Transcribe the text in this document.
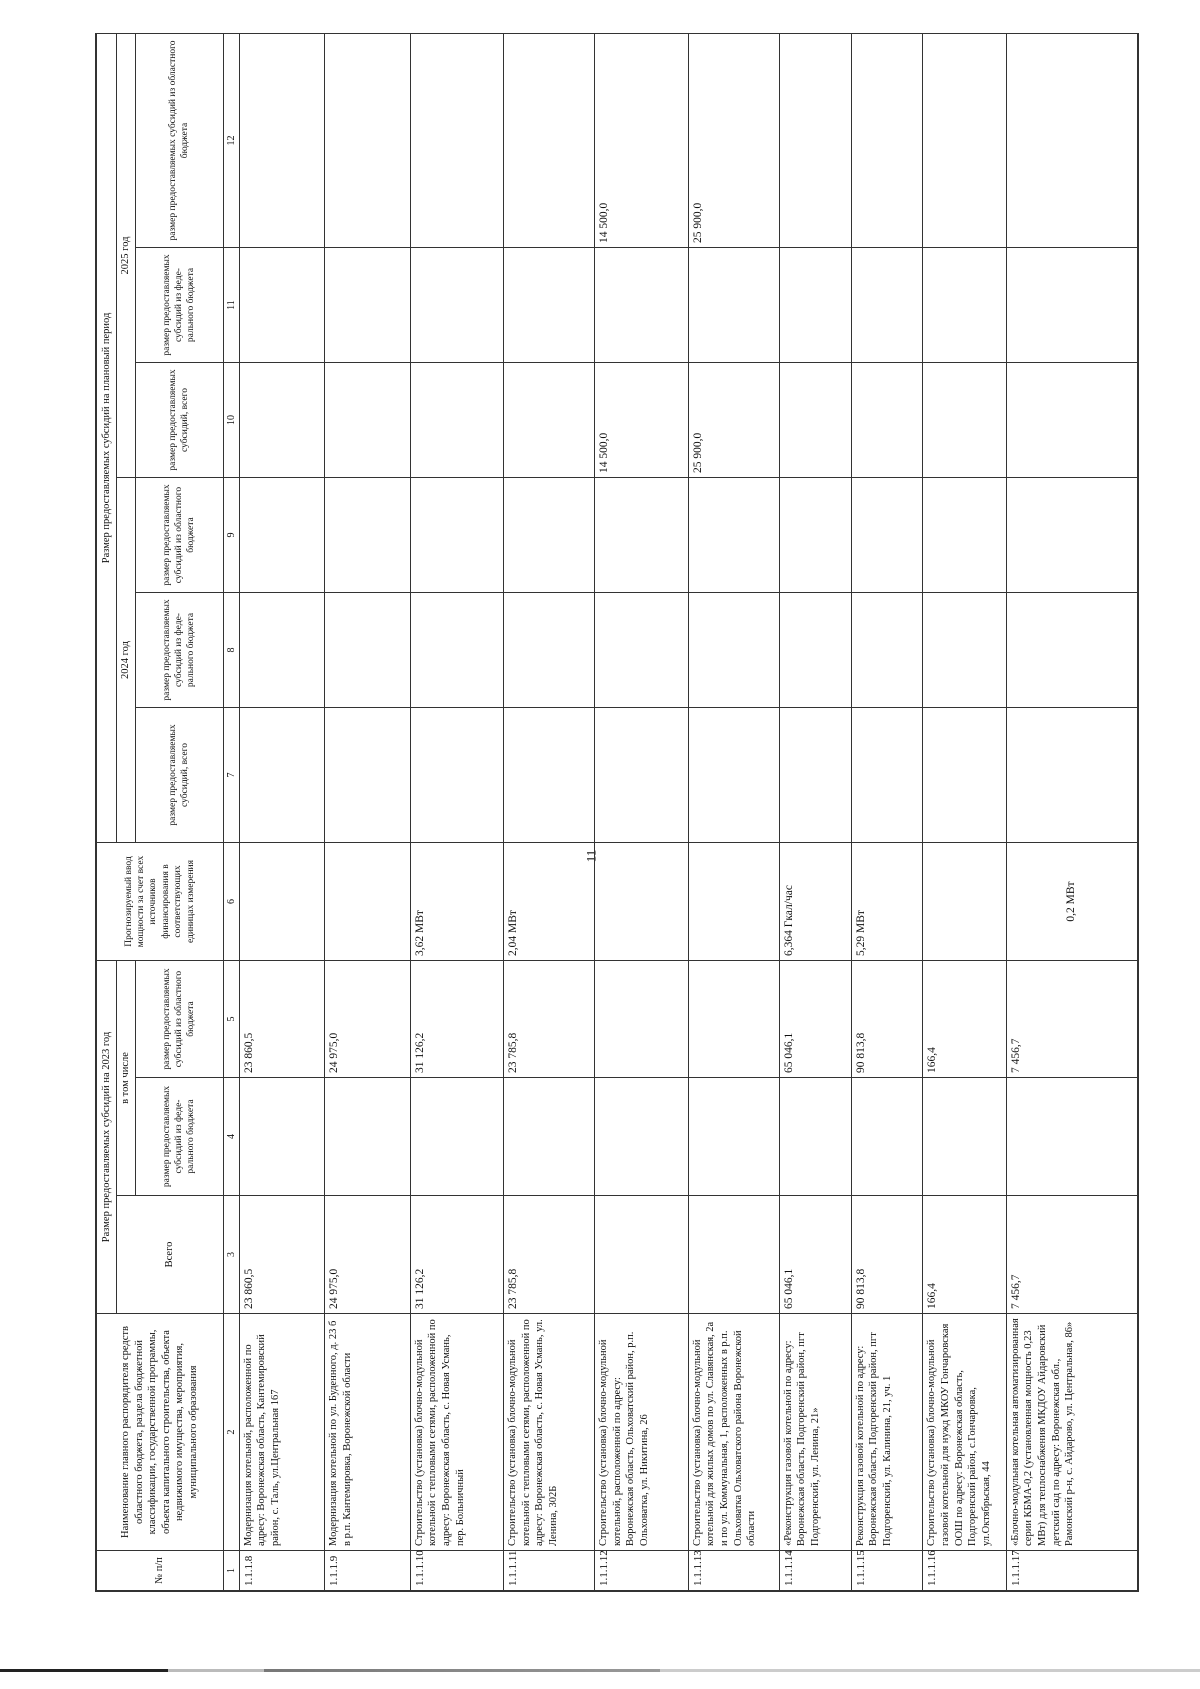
11
№ п/п	Наименование главного распорядителя средств областного бюджета, раздела бюджетной классификации, государственной программы, объекта капитального строительства, объекта недвижимого имущества, мероприятия, муниципального образования	Размер предоставляемых субсидий на 2023 год			Прогнозируемый ввод мощности за счет всех источников финансирования в соответствующих единицах измерения	Размер предоставляемых субсидий на плановый период					
		Всего	в том числе			2024 год			2025 год		
			размер предоставляемых субсидий из феде-рального бюджета	размер предоставляемых субсидий из областного бюджета		размер предоставляемых субсидий, всего	размер предоставляемых субсидий из феде-рального бюджета	размер предоставляемых субсидий из областного бюджета	размер предоставляемых субсидий, всего	размер предоставляемых субсидий из феде-рального бюджета	размер предоставляемых субсидий из областного бюджета

1	2	3	4	5	6	7	8	9	10	11	12
1.1.1.8	Модернизация котельной, расположенной по адресу: Воронежская область, Кантемировский район, с. Таль, ул.Центральная 167	23 860,5		23 860,5							
1.1.1.9	Модернизация котельной по ул. Буденного, д. 23 б в р.п. Кантемировка, Воронежской области	24 975,0		24 975,0							
1.1.1.10	Строительство (установка) блочно-модульной котельной с тепловыми сетями, расположенной по адресу: Воронежская область, с. Новая Усмань, пер. Больничный	31 126,2		31 126,2	3,62 МВт						
1.1.1.11	Строительство (установка) блочно-модульной котельной с тепловыми сетями, расположенной по адресу: Воронежская область, с. Новая Усмань, ул. Ленина, 302Б	23 785,8		23 785,8	2,04 МВт						
1.1.1.12	Строительство (установка) блочно-модульной котельной, расположенной по адресу: Воронежская область, Ольховатский район, р.п. Ольховатка, ул. Никитина, 26								14 500,0		14 500,0
1.1.1.13	Строительство (установка) блочно-модульной котельной для жилых домов по ул. Славянская, 2а и по ул. Коммунальная, 1, расположенных в р.п. Ольховатка Ольховатского района Воронежской области								25 900,0		25 900,0
1.1.1.14	«Реконструкция газовой котельной по адресу: Воронежская область, Подгоренский район, пгт Подгоренский, ул. Ленина, 21»	65 046,1		65 046,1	6,364 Гкал/час						
1.1.1.15	Реконструкция газовой котельной по адресу: Воронежская область, Подгоренский район, пгт Подгоренский, ул. Калинина, 21, уч. 1	90 813,8		90 813,8	5,29 МВт						
1.1.1.16	Строительство (установка) блочно-модульной газовой котельной для нужд МКОУ Гончаровская ООШ по адресу: Воронежская область, Подгоренский район, с.Гончаровка, ул.Октябрьская, 44	166,4		166,4							
1.1.1.17	«Блочно-модульная котельная автоматизированная серии КБМА-0,2 (установленная мощность 0,23 МВт) для теплоснабжения МКДОУ Айдаровский детский сад по адресу: Воронежская обл., Рамонский р-н, с. Айдарово, ул. Центральная, 86»	7 456,7		7 456,7	0,2 МВт						
